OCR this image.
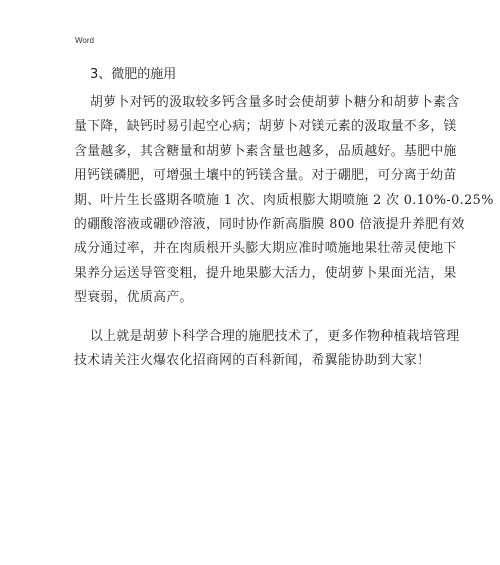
Word
3、微肥的施用
胡萝卜对钙的汲取较多钙含量多时会使胡萝卜糖分和胡萝卜素含
量下降，缺钙时易引起空心病；胡萝卜对镁元素的汲取量不多，镁
含量越多，其含糖量和胡萝卜素含量也越多，品质越好。基肥中施
用钙镁磷肥，可增强土壤中的钙镁含量。对于硼肥，可分离于幼苗
期、叶片生长盛期各喷施 1 次、肉质根膨大期喷施 2 次 0.10%-0.25%
的硼酸溶液或硼砂溶液，同时协作新高脂膜 800 倍液提升养肥有效
成分通过率，并在肉质根开头膨大期应准时喷施地果壮蒂灵使地下
果养分运送导管变粗，提升地果膨大活力，使胡萝卜果面光洁，果
型衰弱，优质高产。
以上就是胡萝卜科学合理的施肥技术了，更多作物种植栽培管理
技术请关注火爆农化招商网的百科新闻，希翼能协助到大家！
